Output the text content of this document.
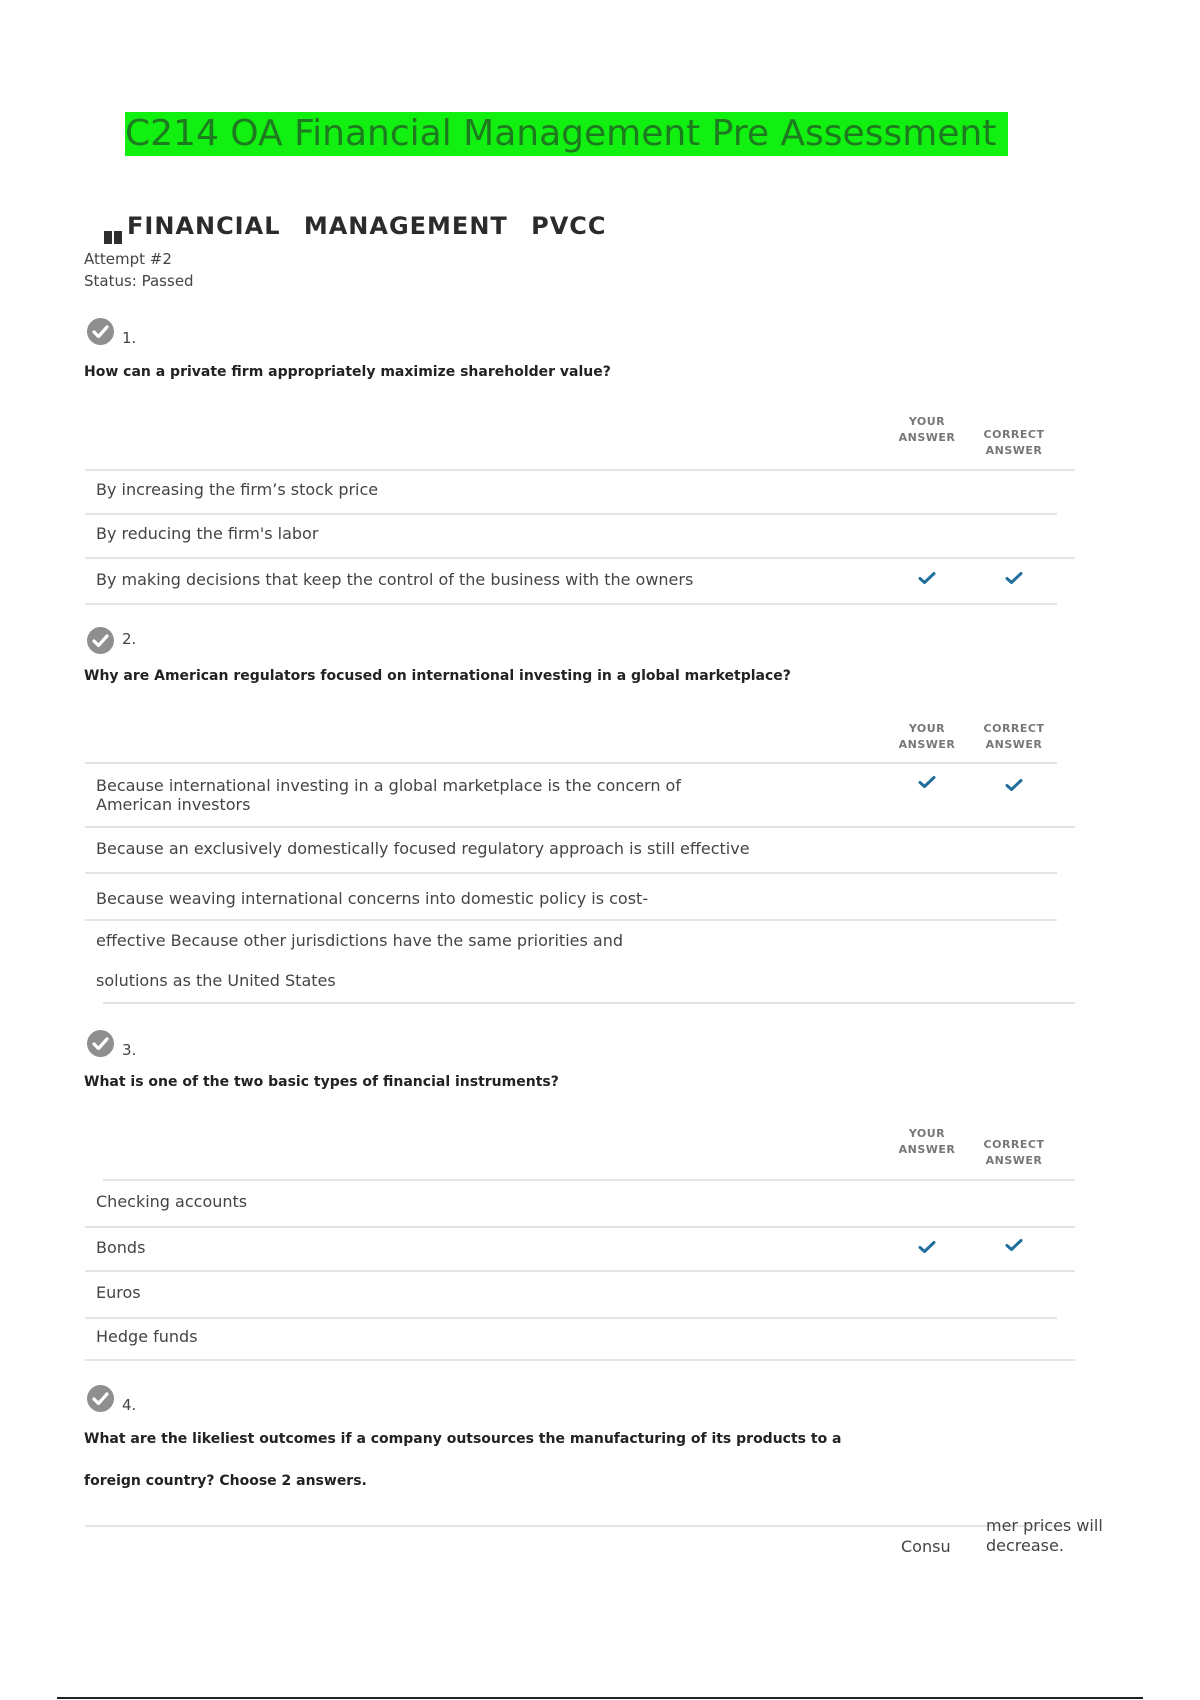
C214 OA Financial Management Pre Assessment
FINANCIAL MANAGEMENT PVCC
Attempt #2
Status: Passed
1.
How can a private firm appropriately maximize shareholder value?
YOUR
ANSWER	CORRECT
ANSWER
By increasing the firm’s stock price
By reducing the firm's labor
By making decisions that keep the control of the business with the owners
2.
Why are American regulators focused on international investing in a global marketplace?
YOUR
ANSWER
CORRECT
ANSWER
Because international investing in a global marketplace is the concern of
American investors
Because an exclusively domestically focused regulatory approach is still effective
Because weaving international concerns into domestic policy is cost-
effective Because other jurisdictions have the same priorities and
solutions as the United States
3.
What is one of the two basic types of financial instruments?
YOUR
ANSWER	CORRECT
ANSWER
Checking accounts
Bonds
Euros
Hedge funds
4.
What are the likeliest outcomes if a company outsources the manufacturing of its products to a
foreign country? Choose 2 answers.
Consu
mer prices will
decrease.
